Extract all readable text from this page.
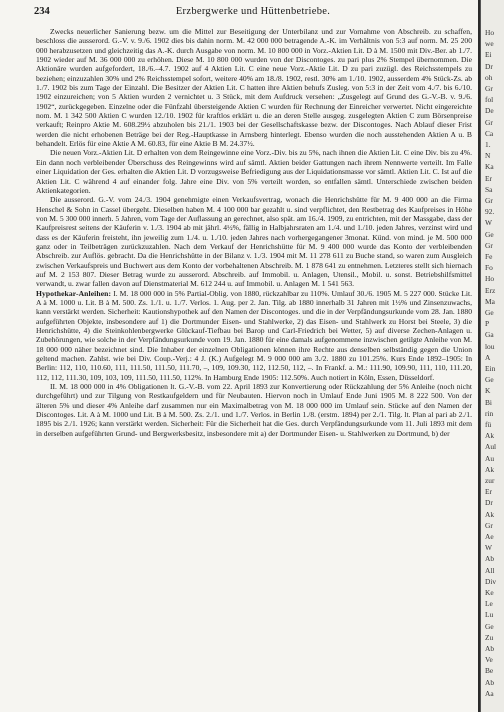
234	Erzbergwerke und Hüttenbetriebe.

Zwecks neuerlicher Sanierung bezw. um die Mittel zur Beseitigung der Unterbilanz und zur Vornahme von Abschreib. zu schaffen, beschloss die ausserord. G.-V. v. 9./6. 1902 dies bis dahin norm. M. 42 000 000 betragende A.-K. im Verhältnis von 5:3 auf norm. M. 25 200 000 herabzusetzen und gleichzeitig das A.-K. durch Ausgabe von norm. M. 10 800 000 in Vorz.-Aktien Lit. D à M. 1500 mit Div.-Ber. ab 1./7. 1902 wieder auf M. 36 000 000 zu erhöhen. Diese M. 10 800 000 wurden von der Discontoges. zu pari plus 2% Stempel übernommen. Die Aktionäre wurden aufgefordert, 18./6.–4.7. 1902 auf 4 Aktien Lit. C eine neue Vorz.-Aktie Lit. D zu pari zuzügl. des Reichsstempels zu beziehen; einzuzahlen 30% und 2% Reichsstempel sofort, weitere 40% am 18./8. 1902, restl. 30% am 1./10. 1902, ausserdem 4% Stück-Zs. ab 1./7. 1902 bis zum Tage der Einzahl. Die Besitzer der Aktien Lit. C hatten ihre Aktien behufs Zusleg. von 5:3 in der Zeit vom 4./7. bis 6./10. 1902 einzureichen; von 5 Aktien wurden 2 vernichtet u. 3 Stück, mit dem Aufdruck versehen: „Zusgelegt auf Grund des G.-V.-B. v. 9./6. 1902“, zurückgegeben. Einzelne oder die Fünfzahl übersteigende Aktien C wurden für Rechnung der Einreicher verwertet. Nicht eingereichte nom. M. 1 342 500 Aktien C wurden 12./10. 1902 für kraftlos erklärt u. die an deren Stelle ausgeg. zusgelegten Aktien C zum Börsenpreise verkauft; Reinpro Aktie M. 608.29½ abzuholen bis 21./1. 1903 bei der Gesellschaftskasse bezw. der Discontoges. Nach Ablauf dieser Frist werden die nicht erhobenen Beträge bei der Reg.-Hauptkasse in Arnsberg hinterlegt. Ebenso wurden die noch ausstehenden Aktien A u. B behandelt. Erlös für eine Aktie A M. 60.83, für eine Aktie B M. 24.37½.

Die neuen Vorz.-Aktien Lit. D erhalten von dem Reingewinne eine Vorz.-Div. bis zu 5%, nach ihnen die Aktien Lit. C eine Div. bis zu 4%. Ein dann noch verbleibender Überschuss des Reingewinns wird auf sämtl. Aktien beider Gattungen nach ihrem Nennwerte verteilt. Im Falle einer Liquidation der Ges. erhalten die Aktien Lit. D vorzugsweise Befriedigung aus der Liquidationsmasse vor sämtl. Aktien Lit. C. Ist auf die Aktien Lit. C während 4 auf einander folg. Jahre eine Div. von 5% verteilt worden, so entfallen sämtl. Unterschiede zwischen beiden Aktienkategorien.

Die ausserord. G.-V. vom 24./3. 1904 genehmigte einen Verkaufsvertrag, wonach die Henrichshütte für M. 9 400 000 an die Firma Henschel & Sohn in Cassel übergeht. Dieselben haben M. 4 100 000 bar gezahlt u. sind verpflichtet, den Restbetrag des Kaufpreises in Höhe von M. 5 300 000 innerh. 5 Jahren, vom Tage der Auflassung an gerechnet, also spät. am 16./4. 1909, zu entrichten, mit der Massgabe, dass der Kaufpreisrest seitens der Käuferin v. 1./3. 1904 ab mit jährl. 4½%, fällig in Halbjahrsraten am 1./4. und 1./10. jeden Jahres, verzinst wird und dass es der Käuferin freisteht, ihn jeweilig zum 1./4. u. 1./10. jeden Jahres nach vorhergegangener 3monat. Künd. von mind. je M. 500 000 ganz oder in Teilbeträgen zurückzuzahlen. Nach dem Verkauf der Henrichshütte für M. 9 400 000 wurde das Konto der verbleibenden Abschreib. zur Auflös. gebracht. Da die Henrichshütte in der Bilanz v. 1./3. 1904 mit M. 11 278 611 zu Buche stand, so waren zum Ausgleich zwischen Verkaufspreis und Buchwert aus dem Konto der vorbehaltenen Abschreib. M. 1 878 641 zu entnehmen. Letzteres stellt sich hiernach auf M. 2 153 807. Dieser Betrag wurde zu ausserord. Abschreib. auf Immobil. u. Anlagen, Utensil., Mobil. u. sonst. Betriebshilfsmittel verwandt, u. zwar fallen davon auf Dienstmaterial M. 612 244 u. auf Immobil. u. Anlagen M. 1 541 563.

Hypothekar-Anleihen: I. M. 18 000 000 in 5% Partial-Oblig. von 1880, rückzahlbar zu 110%. Umlauf 30./6. 1905 M. 5 227 000. Stücke Lit. A à M. 1000 u. Lit. B à M. 500. Zs. 1./1. u. 1./7. Verlos. 1. Aug. per 2. Jan. Tilg. ab 1880 innerhalb 31 Jahren mit 1½% und Zinsenzuwachs, kann verstärkt werden. Sicherheit: Kautionshypothek auf den Namen der Discontoges. und die in der Verpfändungsurkunde vom 28. Jan. 1880 aufgeführten Objekte, insbesondere auf 1) die Dortmunder Eisen- und Stahlwerke, 2) das Eisen- und Stahlwerk zu Horst bei Steele, 3) die Henrichshütte, 4) die Steinkohlenbergwerke Glückauf-Tiefbau bei Barop und Carl-Friedrich bei Wetter, 5) auf diverse Zechen-Anlagen u. Zubehörungen, wie solche in der Verpfändungsurkunde vom 19. Jan. 1880 für eine damals aufgenommene inzwischen getilgte Anleihe von M. 18 000 000 näher bezeichnet sind. Die Inhaber der einzelnen Obligationen können ihre Rechte aus denselben selbständig gegen die Union geltend machen. Zahlst. wie bei Div. Coup.-Verj.: 4 J. (K.) Aufgelegt M. 9 000 000 am 3./2. 1880 zu 101.25%. Kurs Ende 1892–1905: In Berlin: 112, 110, 110.60, 111, 111.50, 111.50, 111.70, –, 109, 109.30, 112, 112.50, 112, –. In Frankf. a. M.: 111.90, 109.90, 111, 110, 111.20, 112, 112, 111.30, 109, 103, 109, 111.50, 111.50, 112%. In Hamburg Ende 1905: 112.50%. Auch notiert in Köln, Essen, Düsseldorf.

II. M. 18 000 000 in 4% Obligationen lt. G.-V.-B. vom 22. April 1893 zur Konvertierung oder Rückzahlung der 5% Anleihe (noch nicht durchgeführt) und zur Tilgung von Restkaufgeldern und für Neubauten. Hiervon noch in Umlauf Ende Juni 1905 M. 8 222 500. Von der älteren 5% und dieser 4% Anleihe darf zusammen nur ein Maximalbetrag von M. 18 000 000 im Umlauf sein. Stücke auf den Namen der Discontoges. Lit. A à M. 1000 und Lit. B à M. 500. Zs. 2./1. und 1./7. Verlos. in Berlin 1./8. (erstm. 1894) per 2./1. Tilg. lt. Plan al pari ab 2./1. 1895 bis 2./1. 1926; kann verstärkt werden. Sicherheit: Für die Sicherheit hat die Ges. durch Verpfändungsurkunde vom 11. Juli 1893 mit dem in derselben aufgeführten Grund- und Bergwerksbesitz, insbesondere mit a) der Dortmunder Eisen- u. Stahlwerken zu Dortmund, b) der

Ho
we
Ei
Dr
oh
Gr
fol
De
Gr
Ca
1.
N
Ka
Er
Sa
Gr
92.
W
Ge
Gr
Fe
Fo
Ho
Erz
Ma
Ge
P
Ga
lou
A
Ein
Ge
K
Bi
rin
fü
Ak
Aul
Au
Ak
zur
Er
Dr
Ak
Gr
Ae
W
Ab
All
Div
Ke
Le
Lu
Ge
Zu
Ab
Ve
Be
Ab
Aa
